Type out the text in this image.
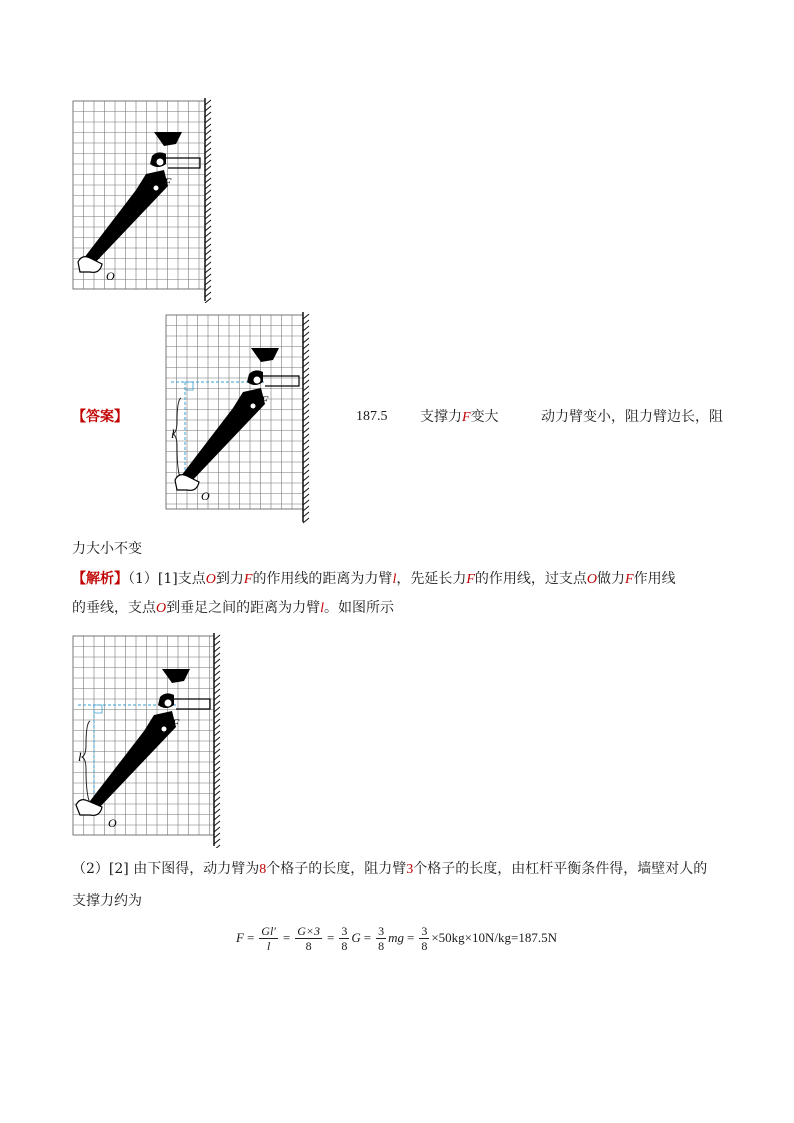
F
A
O
F
A
O
l
【答案】	187.5 支撑力F变大	动力臂变小，阻力臂边长，阻
力大小不变
【解析】（1）[1]支点O到力F的作用线的距离为力臂l，先延长力F的作用线，过支点O做力F作用线
的垂线，支点O到垂足之间的距离为力臂l。如图所示
F
A
O
l
（2）[2] 由下图得，动力臂为8个格子的长度，阻力臂3个格子的长度，由杠杆平衡条件得，墙壁对人的
支撑力约为
$F = \frac{Gl'}{l} = \frac{G\times 3}{8} = \frac{3}{8}$ $G = \frac{3}{8}$ mg = $\frac{3}{8} \times 50kg\times 10N/kg=187.5N$
